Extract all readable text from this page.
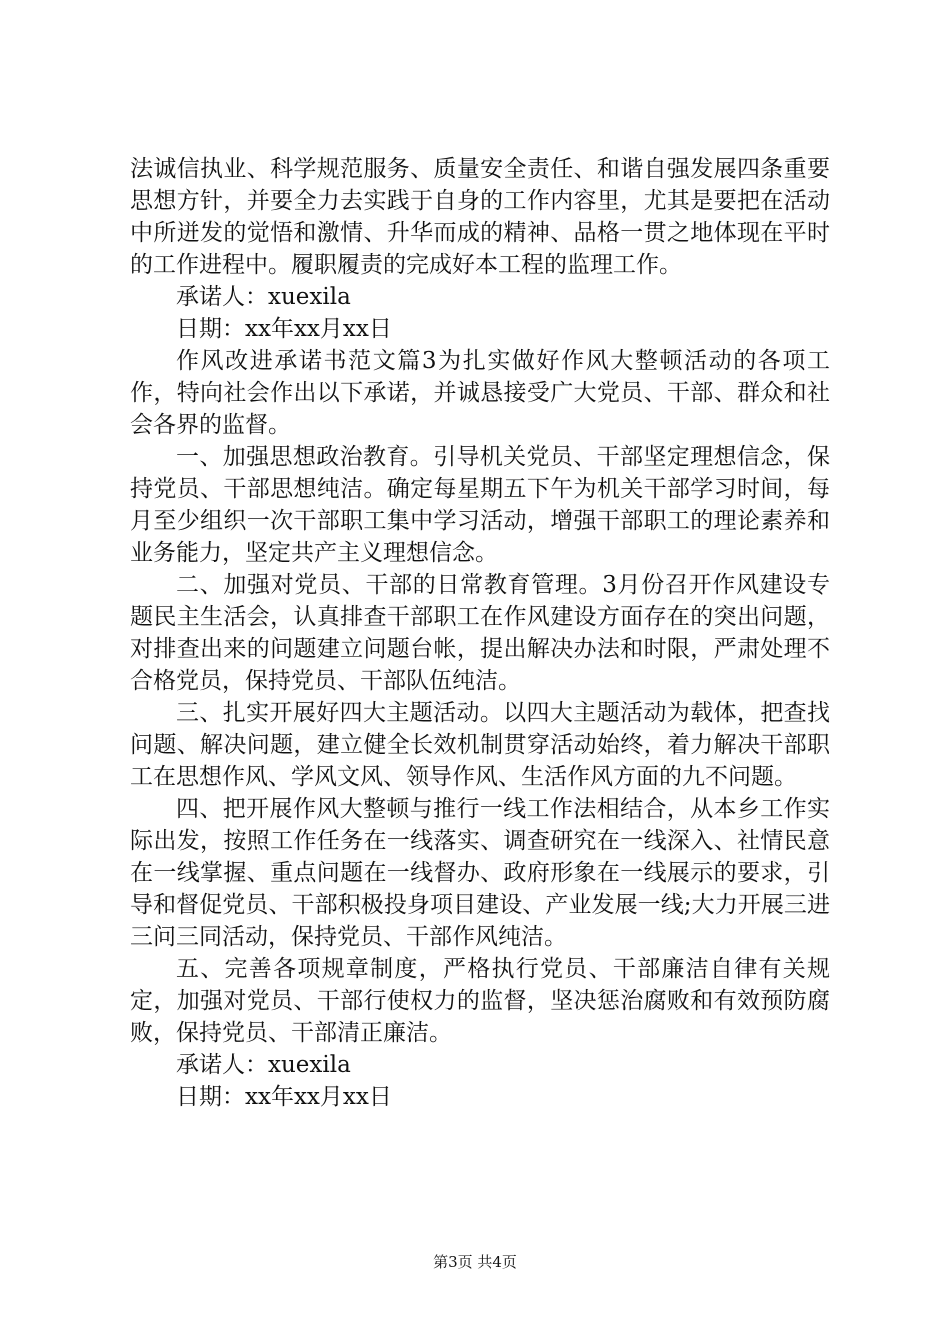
法诚信执业、科学规范服务、质量安全责任、和谐自强发展四条重要思想方针，并要全力去实践于自身的工作内容里，尤其是要把在活动中所迸发的觉悟和激情、升华而成的精神、品格一贯之地体现在平时的工作进程中。履职履责的完成好本工程的监理工作。

承诺人：xuexila

日期：xx年xx月xx日

作风改进承诺书范文篇3为扎实做好作风大整顿活动的各项工作，特向社会作出以下承诺，并诚恳接受广大党员、干部、群众和社会各界的监督。

一、加强思想政治教育。引导机关党员、干部坚定理想信念，保持党员、干部思想纯洁。确定每星期五下午为机关干部学习时间，每月至少组织一次干部职工集中学习活动，增强干部职工的理论素养和业务能力，坚定共产主义理想信念。

二、加强对党员、干部的日常教育管理。3月份召开作风建设专题民主生活会，认真排查干部职工在作风建设方面存在的突出问题，对排查出来的问题建立问题台帐，提出解决办法和时限，严肃处理不合格党员，保持党员、干部队伍纯洁。

三、扎实开展好四大主题活动。以四大主题活动为载体，把查找问题、解决问题，建立健全长效机制贯穿活动始终，着力解决干部职工在思想作风、学风文风、领导作风、生活作风方面的九不问题。

四、把开展作风大整顿与推行一线工作法相结合，从本乡工作实际出发，按照工作任务在一线落实、调查研究在一线深入、社情民意在一线掌握、重点问题在一线督办、政府形象在一线展示的要求，引导和督促党员、干部积极投身项目建设、产业发展一线;大力开展三进三问三同活动，保持党员、干部作风纯洁。

五、完善各项规章制度，严格执行党员、干部廉洁自律有关规定，加强对党员、干部行使权力的监督，坚决惩治腐败和有效预防腐败，保持党员、干部清正廉洁。

承诺人：xuexila

日期：xx年xx月xx日

第3页 共4页
